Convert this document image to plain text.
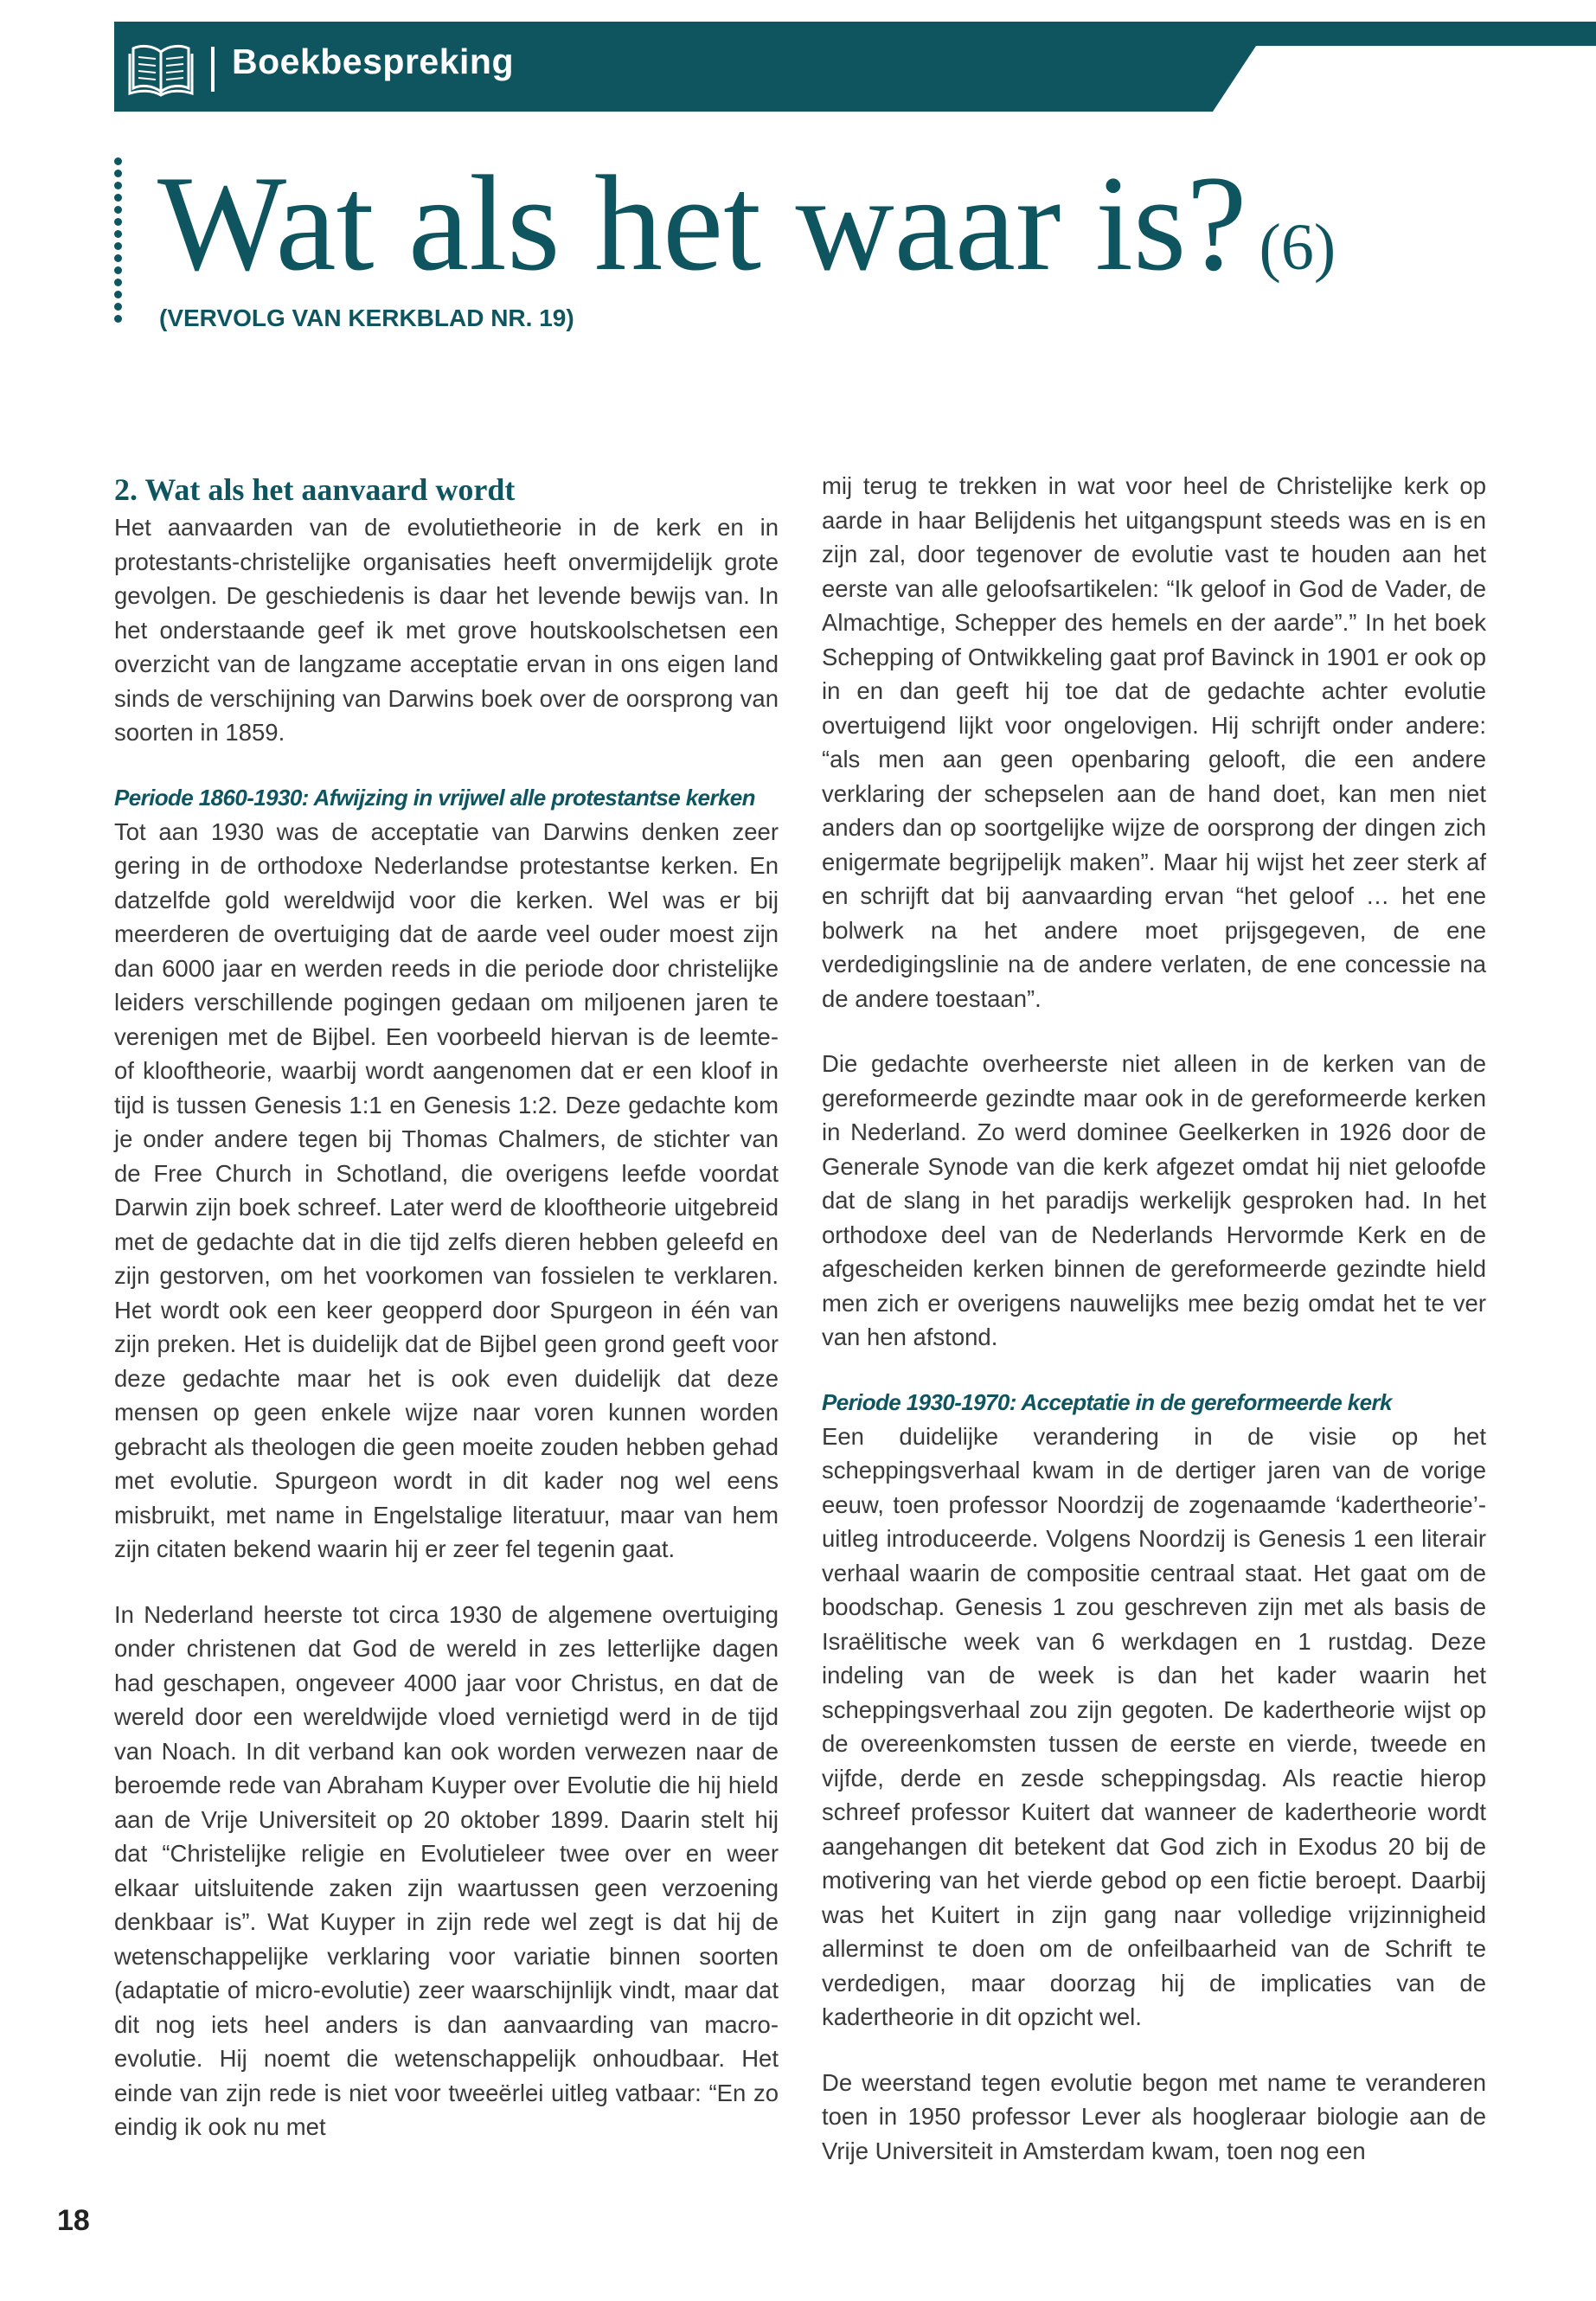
Boekbespreking
Wat als het waar is? (6)
(VERVOLG VAN KERKBLAD NR. 19)
2. Wat als het aanvaard wordt

Het aanvaarden van de evolutietheorie in de kerk en in protestants-christelijke organisaties heeft onvermijdelijk grote gevolgen. De geschiedenis is daar het levende bewijs van. In het onderstaande geef ik met grove houtskoolschetsen een overzicht van de langzame acceptatie ervan in ons eigen land sinds de verschijning van Darwins boek over de oorsprong van soorten in 1859.

Periode 1860-1930: Afwijzing in vrijwel alle protestantse kerken

Tot aan 1930 was de acceptatie van Darwins denken zeer gering in de orthodoxe Nederlandse protestantse kerken. En datzelfde gold wereldwijd voor die kerken. Wel was er bij meerderen de overtuiging dat de aarde veel ouder moest zijn dan 6000 jaar en werden reeds in die periode door christelijke leiders verschillende pogingen gedaan om miljoenen jaren te verenigen met de Bijbel. Een voorbeeld hiervan is de leemte- of klooftheorie, waarbij wordt aangenomen dat er een kloof in tijd is tussen Genesis 1:1 en Genesis 1:2. Deze gedachte kom je onder andere tegen bij Thomas Chalmers, de stichter van de Free Church in Schotland, die overigens leefde voordat Darwin zijn boek schreef. Later werd de klooftheorie uitgebreid met de gedachte dat in die tijd zelfs dieren hebben geleefd en zijn gestorven, om het voorkomen van fossielen te verklaren. Het wordt ook een keer geopperd door Spurgeon in één van zijn preken. Het is duidelijk dat de Bijbel geen grond geeft voor deze gedachte maar het is ook even duidelijk dat deze mensen op geen enkele wijze naar voren kunnen worden gebracht als theologen die geen moeite zouden hebben gehad met evolutie. Spurgeon wordt in dit kader nog wel eens misbruikt, met name in Engelstalige literatuur, maar van hem zijn citaten bekend waarin hij er zeer fel tegenin gaat.

In Nederland heerste tot circa 1930 de algemene overtuiging onder christenen dat God de wereld in zes letterlijke dagen had geschapen, ongeveer 4000 jaar voor Christus, en dat de wereld door een wereldwijde vloed vernietigd werd in de tijd van Noach. In dit verband kan ook worden verwezen naar de beroemde rede van Abraham Kuyper over Evolutie die hij hield aan de Vrije Universiteit op 20 oktober 1899. Daarin stelt hij dat “Christelijke religie en Evolutieleer twee over en weer elkaar uitsluitende zaken zijn waartussen geen verzoening denkbaar is”. Wat Kuyper in zijn rede wel zegt is dat hij de wetenschappelijke verklaring voor variatie binnen soorten (adaptatie of micro-evolutie) zeer waarschijnlijk vindt, maar dat dit nog iets heel anders is dan aanvaarding van macro-evolutie. Hij noemt die wetenschappelijk onhoudbaar. Het einde van zijn rede is niet voor tweeërlei uitleg vatbaar: “En zo eindig ik ook nu met

mij terug te trekken in wat voor heel de Christelijke kerk op aarde in haar Belijdenis het uitgangspunt steeds was en is en zijn zal, door tegenover de evolutie vast te houden aan het eerste van alle geloofsartikelen: “Ik geloof in God de Vader, de Almachtige, Schepper des hemels en der aarde”.” In het boek Schepping of Ontwikkeling gaat prof Bavinck in 1901 er ook op in en dan geeft hij toe dat de gedachte achter evolutie overtuigend lijkt voor ongelovigen. Hij schrijft onder andere: “als men aan geen openbaring gelooft, die een andere verklaring der schepselen aan de hand doet, kan men niet anders dan op soortgelijke wijze de oorsprong der dingen zich enigermate begrijpelijk maken”. Maar hij wijst het zeer sterk af en schrijft dat bij aanvaarding ervan “het geloof … het ene bolwerk na het andere moet prijsgegeven, de ene verdedigingslinie na de andere verlaten, de ene concessie na de andere toestaan”.

Die gedachte overheerste niet alleen in de kerken van de gereformeerde gezindte maar ook in de gereformeerde kerken in Nederland. Zo werd dominee Geelkerken in 1926 door de Generale Synode van die kerk afgezet omdat hij niet geloofde dat de slang in het paradijs werkelijk gesproken had. In het orthodoxe deel van de Nederlands Hervormde Kerk en de afgescheiden kerken binnen de gereformeerde gezindte hield men zich er overigens nauwelijks mee bezig omdat het te ver van hen afstond.

Periode 1930-1970: Acceptatie in de gereformeerde kerk

Een duidelijke verandering in de visie op het scheppingsverhaal kwam in de dertiger jaren van de vorige eeuw, toen professor Noordzij de zogenaamde ‘kadertheorie’-uitleg introduceerde. Volgens Noordzij is Genesis 1 een literair verhaal waarin de compositie centraal staat. Het gaat om de boodschap. Genesis 1 zou geschreven zijn met als basis de Israëlitische week van 6 werkdagen en 1 rustdag. Deze indeling van de week is dan het kader waarin het scheppingsverhaal zou zijn gegoten. De kadertheorie wijst op de overeenkomsten tussen de eerste en vierde, tweede en vijfde, derde en zesde scheppingsdag. Als reactie hierop schreef professor Kuitert dat wanneer de kadertheorie wordt aangehangen dit betekent dat God zich in Exodus 20 bij de motivering van het vierde gebod op een fictie beroept. Daarbij was het Kuitert in zijn gang naar volledige vrijzinnigheid allerminst te doen om de onfeilbaarheid van de Schrift te verdedigen, maar doorzag hij de implicaties van de kadertheorie in dit opzicht wel.

De weerstand tegen evolutie begon met name te veranderen toen in 1950 professor Lever als hoogleraar biologie aan de Vrije Universiteit in Amsterdam kwam, toen nog een

18
